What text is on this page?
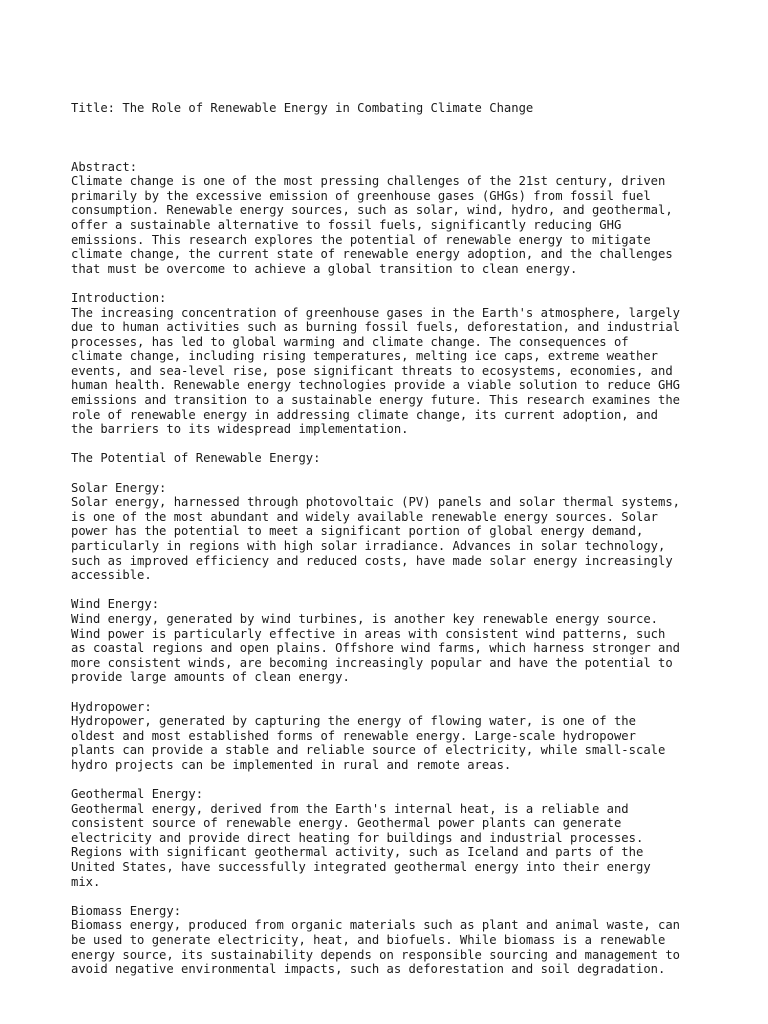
Title: The Role of Renewable Energy in Combating Climate Change

Abstract:
Climate change is one of the most pressing challenges of the 21st century, driven
primarily by the excessive emission of greenhouse gases (GHGs) from fossil fuel
consumption. Renewable energy sources, such as solar, wind, hydro, and geothermal,
offer a sustainable alternative to fossil fuels, significantly reducing GHG
emissions. This research explores the potential of renewable energy to mitigate
climate change, the current state of renewable energy adoption, and the challenges
that must be overcome to achieve a global transition to clean energy.
Introduction:
The increasing concentration of greenhouse gases in the Earth's atmosphere, largely
due to human activities such as burning fossil fuels, deforestation, and industrial
processes, has led to global warming and climate change. The consequences of
climate change, including rising temperatures, melting ice caps, extreme weather
events, and sea-level rise, pose significant threats to ecosystems, economies, and
human health. Renewable energy technologies provide a viable solution to reduce GHG
emissions and transition to a sustainable energy future. This research examines the
role of renewable energy in addressing climate change, its current adoption, and
the barriers to its widespread implementation.
The Potential of Renewable Energy:
Solar Energy:
Solar energy, harnessed through photovoltaic (PV) panels and solar thermal systems,
is one of the most abundant and widely available renewable energy sources. Solar
power has the potential to meet a significant portion of global energy demand,
particularly in regions with high solar irradiance. Advances in solar technology,
such as improved efficiency and reduced costs, have made solar energy increasingly
accessible.
Wind Energy:
Wind energy, generated by wind turbines, is another key renewable energy source.
Wind power is particularly effective in areas with consistent wind patterns, such
as coastal regions and open plains. Offshore wind farms, which harness stronger and
more consistent winds, are becoming increasingly popular and have the potential to
provide large amounts of clean energy.
Hydropower:
Hydropower, generated by capturing the energy of flowing water, is one of the
oldest and most established forms of renewable energy. Large-scale hydropower
plants can provide a stable and reliable source of electricity, while small-scale
hydro projects can be implemented in rural and remote areas.
Geothermal Energy:
Geothermal energy, derived from the Earth's internal heat, is a reliable and
consistent source of renewable energy. Geothermal power plants can generate
electricity and provide direct heating for buildings and industrial processes.
Regions with significant geothermal activity, such as Iceland and parts of the
United States, have successfully integrated geothermal energy into their energy
mix.
Biomass Energy:
Biomass energy, produced from organic materials such as plant and animal waste, can
be used to generate electricity, heat, and biofuels. While biomass is a renewable
energy source, its sustainability depends on responsible sourcing and management to
avoid negative environmental impacts, such as deforestation and soil degradation.
